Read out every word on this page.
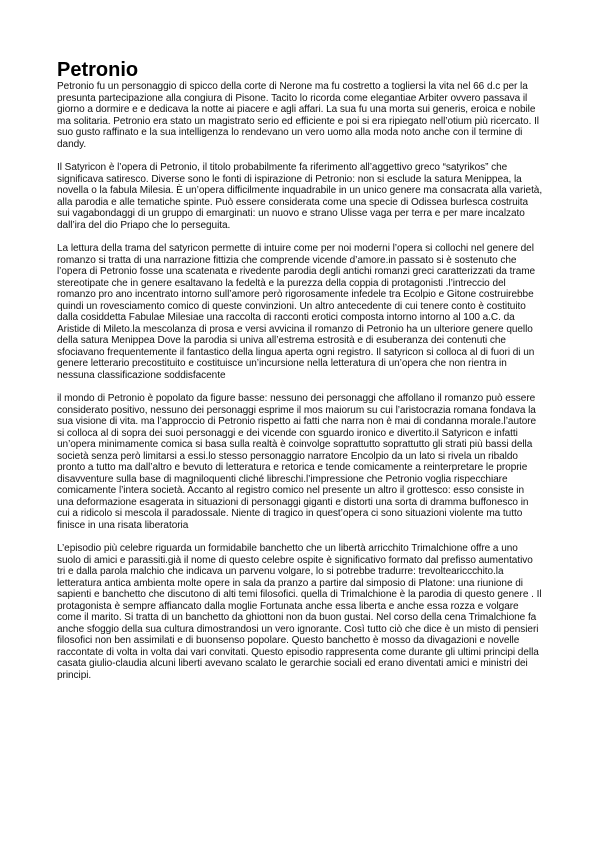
Petronio

Petronio fu un personaggio di spicco della corte di Nerone ma fu costretto a togliersi la vita nel 66 d.c per la presunta partecipazione alla congiura di Pisone. Tacito lo ricorda come elegantiae Arbiter ovvero passava il giorno a dormire e e dedicava la notte ai piacere e agli affari. La sua fu una morta sui generis, eroica e nobile ma solitaria. Petronio era stato un magistrato serio ed efficiente e poi si era ripiegato nell’otium più ricercato. Il suo gusto raffinato e la sua intelligenza lo rendevano un vero uomo alla moda noto anche con il termine di dandy.

Il Satyricon è l’opera di Petronio, il titolo probabilmente fa riferimento all’aggettivo greco “satyrikos” che significava satiresco. Diverse sono le fonti di ispirazione di Petronio: non si esclude la satura Menippea, la novella o la fabula Milesia. È un’opera difficilmente inquadrabile in un unico genere ma consacrata alla varietà, alla parodia e alle tematiche spinte. Può essere considerata come una specie di Odissea burlesca costruita sui vagabondaggi di un gruppo di emarginati: un nuovo e strano Ulisse vaga per terra e per mare incalzato dall’ira del dio Priapo che lo perseguita.

La lettura della trama del satyricon permette di intuire come per noi moderni l’opera si collochi nel genere del romanzo si tratta di una narrazione fittizia che comprende vicende d’amore.in passato si è sostenuto che l’opera di Petronio fosse una scatenata e rivedente parodia degli antichi romanzi greci caratterizzati da trame stereotipate che in genere esaltavano la fedeltà e la purezza della coppia di protagonisti .l’intreccio del romanzo pro ano incentrato intorno sull’amore però rigorosamente infedele tra Ecolpio e Gitone costruirebbe quindi un rovesciamento comico di queste convinzioni. Un altro antecedente di cui tenere conto è costituito dalla cosiddetta Fabulae Milesiae una raccolta di racconti erotici composta intorno intorno al 100 a.C. da Aristide di Mileto.la mescolanza di prosa e versi avvicina il romanzo di Petronio ha un ulteriore genere quello della satura Menippea Dove la parodia si univa all’estrema estrosità e di esuberanza dei contenuti che sfociavano frequentemente il fantastico della lingua aperta ogni registro. Il satyricon si colloca al di fuori di un genere letterario precostituito e costituisce un’incursione nella letteratura di un’opera che non rientra in nessuna classificazione soddisfacente

il mondo di Petronio è popolato da figure basse: nessuno dei personaggi che affollano il romanzo può essere considerato positivo, nessuno dei personaggi esprime il mos maiorum su cui l’aristocrazia romana fondava la sua visione di vita. ma l’approccio di Petronio rispetto ai fatti che narra non è mai di condanna morale.l’autore si colloca al di sopra dei suoi personaggi e dei vicende con sguardo ironico e divertito.il Satyricon e infatti un’opera minimamente comica si basa sulla realtà è coinvolge soprattutto soprattutto gli strati più bassi della società senza però limitarsi a essi.lo stesso personaggio narratore Encolpio da un lato si rivela un ribaldo pronto a tutto ma dall’altro e bevuto di letteratura e retorica e tende comicamente a reinterpretare le proprie disavventure sulla base di magniloquenti cliché libreschi.l’impressione che Petronio voglia rispecchiare comicamente l’intera società. Accanto al registro comico nel presente un altro il grottesco: esso consiste in una deformazione esagerata in situazioni di personaggi giganti e distorti una sorta di dramma buffonesco in cui a ridicolo si mescola il paradossale. Niente di tragico in quest’opera ci sono situazioni violente ma tutto finisce in una risata liberatoria

L’episodio più celebre riguarda un formidabile banchetto che un libertà arricchito Trimalchione offre a uno suolo di amici e parassiti.già il nome di questo celebre ospite è significativo formato dal prefisso aumentativo tri e dalla parola malchio che indicava un parvenu volgare, lo si potrebbe tradurre: trevolteariccchito.la letteratura antica ambienta molte opere in sala da pranzo a partire dal simposio di Platone: una riunione di sapienti e banchetto che discutono di alti temi filosofici. quella di Trimalchione è la parodia di questo genere . Il protagonista è sempre affiancato dalla moglie Fortunata anche essa liberta e anche essa rozza e volgare come il marito. Si tratta di un banchetto da ghiottoni non da buon gustai. Nel corso della cena Trimalchione fa anche sfoggio della sua cultura dimostrandosi un vero ignorante. Così tutto ciò che dice è un misto di pensieri filosofici non ben assimilati e di buonsenso popolare. Questo banchetto è mosso da divagazioni e novelle raccontate di volta in volta dai vari convitati. Questo episodio rappresenta come durante gli ultimi principi della casata giulio-claudia alcuni liberti avevano scalato le gerarchie sociali ed erano diventati amici e ministri dei principi.
